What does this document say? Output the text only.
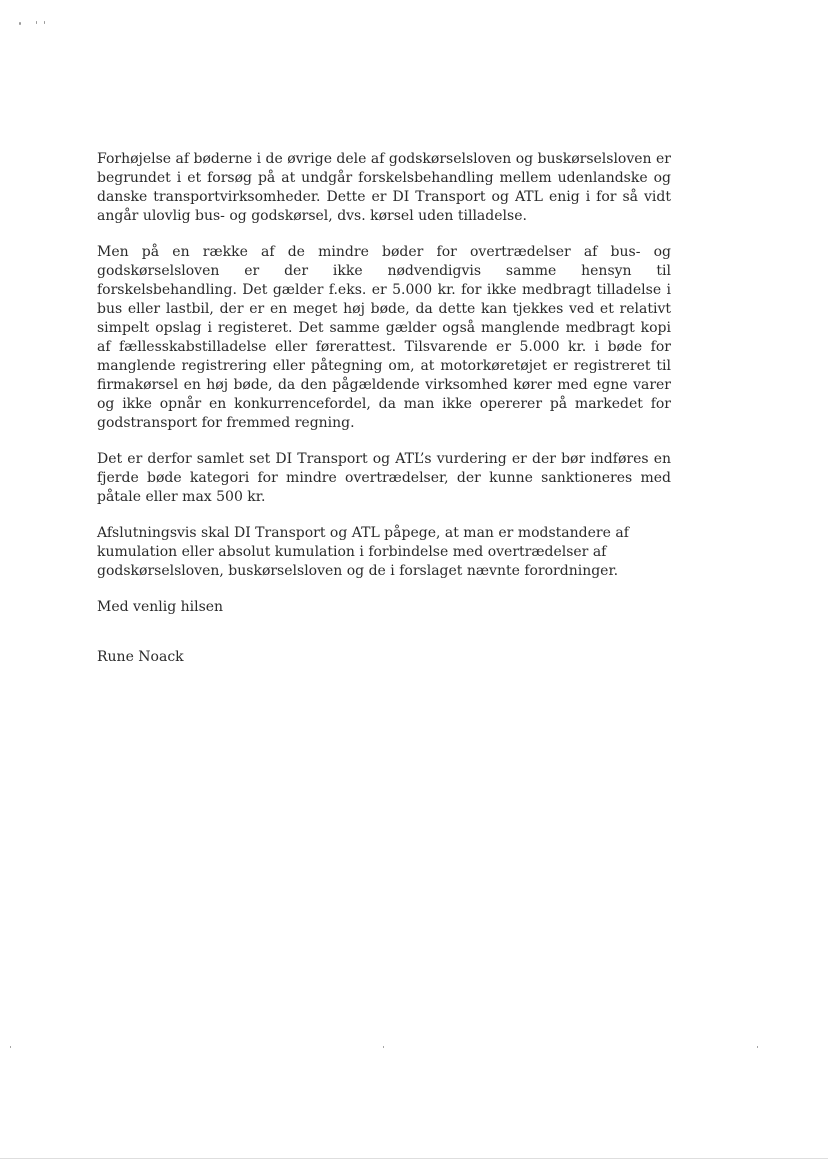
Forhøjelse af bøderne i de øvrige dele af godskørselsloven og buskørselsloven er begrundet i et forsøg på at undgår forskelsbehandling mellem udenlandske og danske transportvirksomheder. Dette er DI Transport og ATL enig i for så vidt angår ulovlig bus- og godskørsel, dvs. kørsel uden tilladelse.

Men på en række af de mindre bøder for overtrædelser af bus- og godskørselsloven er der ikke nødvendigvis samme hensyn til forskelsbehandling. Det gælder f.eks. er 5.000 kr. for ikke medbragt tilladelse i bus eller lastbil, der er en meget høj bøde, da dette kan tjekkes ved et relativt simpelt opslag i registeret. Det samme gælder også manglende medbragt kopi af fællesskabstilladelse eller førerattest. Tilsvarende er 5.000 kr. i bøde for manglende registrering eller påtegning om, at motorkøretøjet er registreret til firmakørsel en høj bøde, da den pågældende virksomhed kører med egne varer og ikke opnår en konkurrencefordel, da man ikke opererer på markedet for godstransport for fremmed regning.

Det er derfor samlet set DI Transport og ATL’s vurdering er der bør indføres en fjerde bøde kategori for mindre overtrædelser, der kunne sanktioneres med påtale eller max 500 kr.

Afslutningsvis skal DI Transport og ATL påpege, at man er modstandere af kumulation eller absolut kumulation i forbindelse med overtrædelser af godskørselsloven, buskørselsloven og de i forslaget nævnte forordninger.

Med venlig hilsen

Rune Noack
